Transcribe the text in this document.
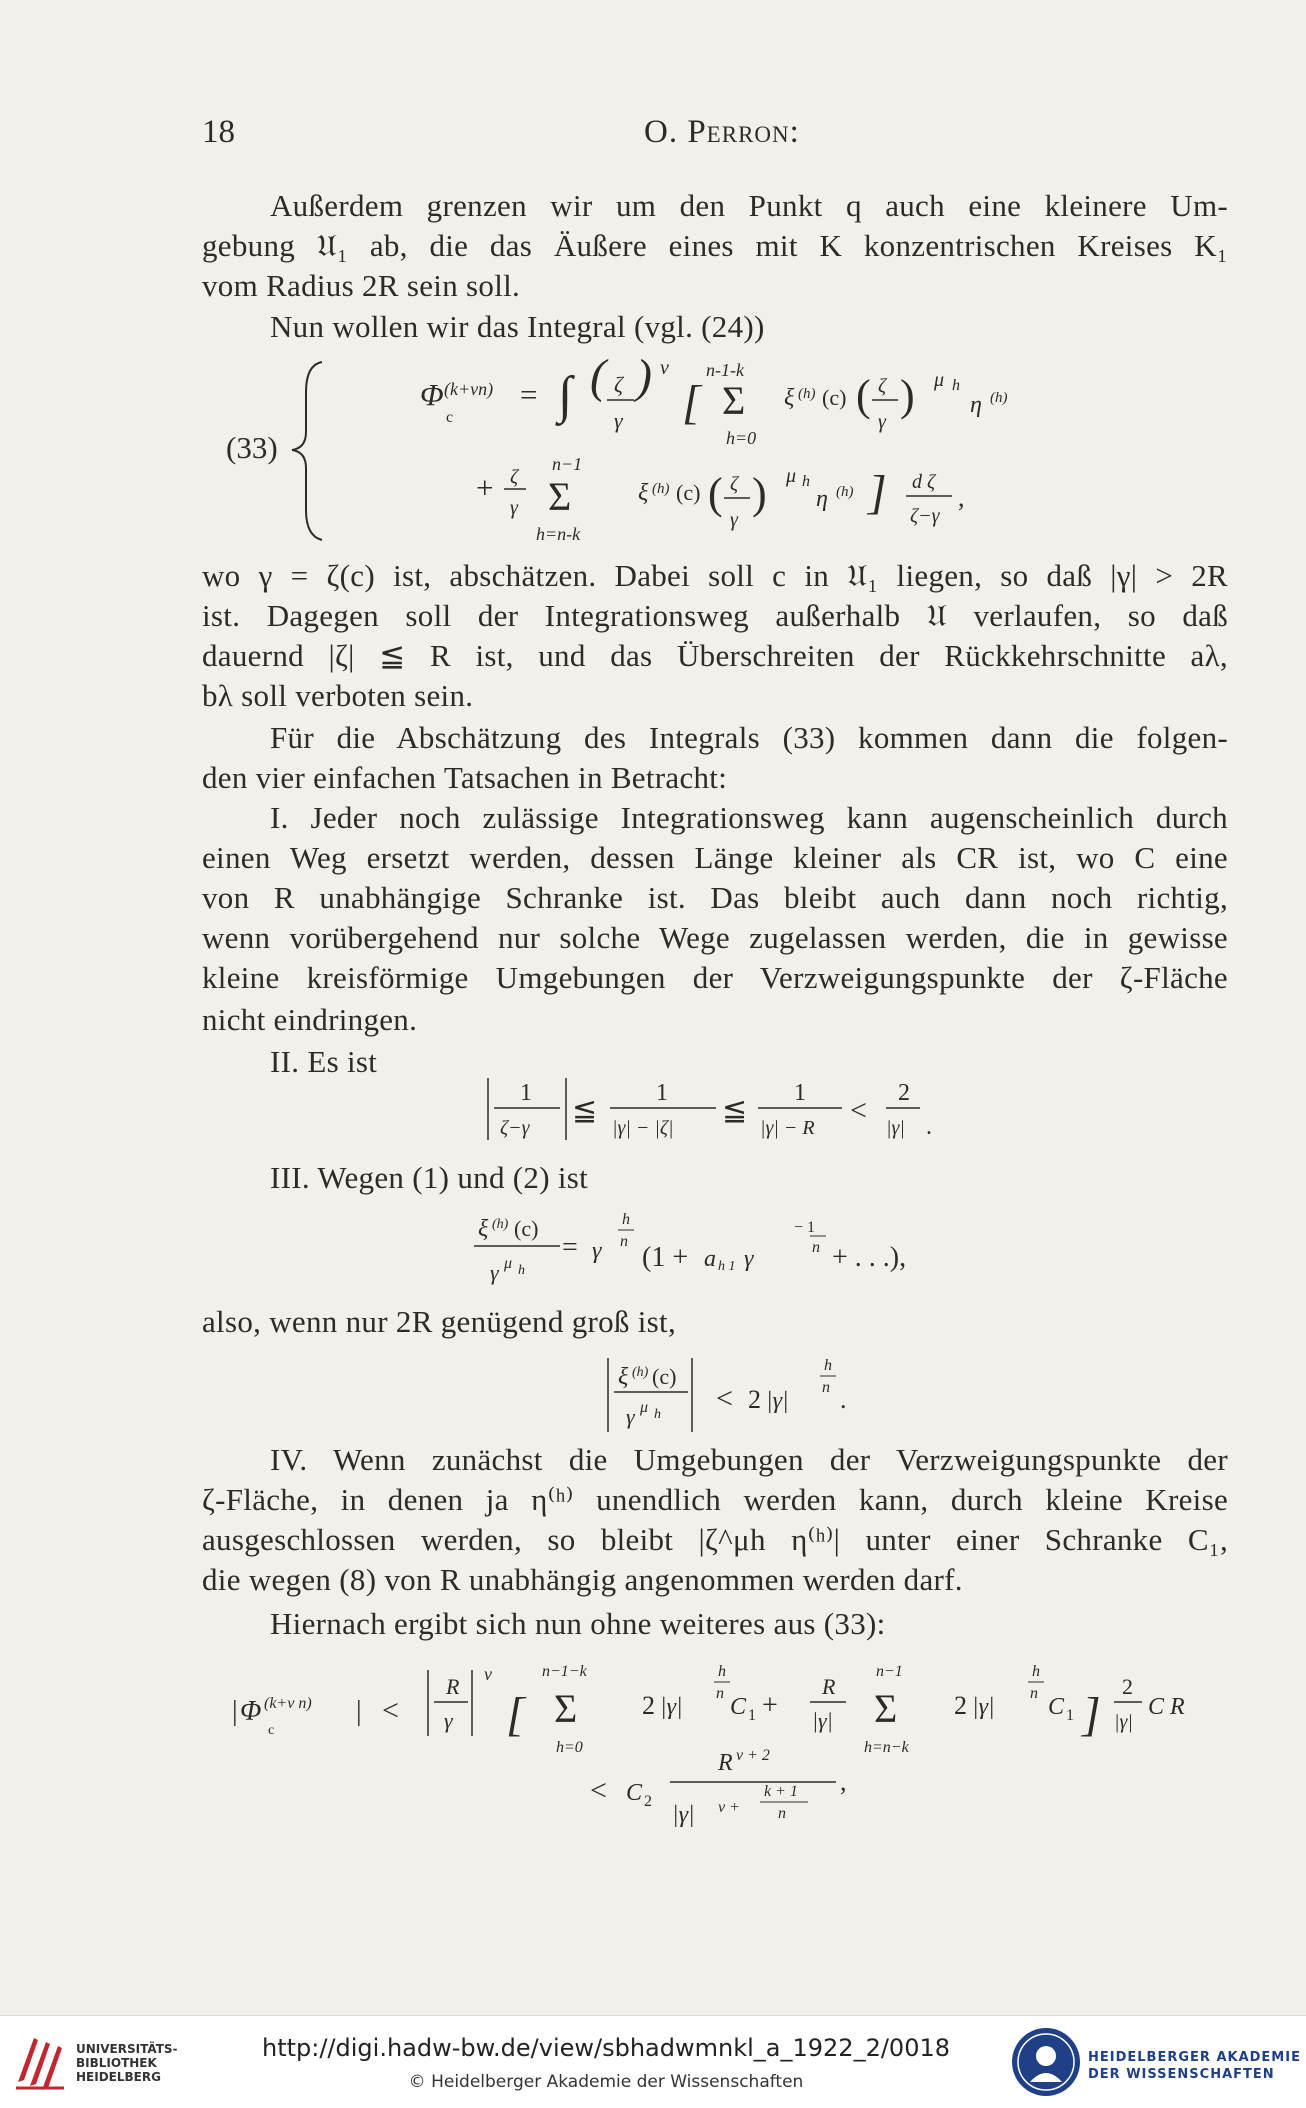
18	O. Perron:
Außerdem grenzen wir um den Punkt q auch eine kleinere Um-
gebung 𝔘₁ ab, die das Äußere eines mit K konzentrischen Kreises K₁
vom Radius 2R sein soll.
Nun wollen wir das Integral (vgl. (24))
(33)
Φ (k+νn)
c
= ∫ ( ζ
γ
) ν
[
n-1-k
Σ
h=0
ξ (h) (c) ( ζ
γ
) μ h
η (h)
+ ζ
γ
n−1
Σ
h=n-k
ξ (h) (c) ( ζ
γ
) μ h
η (h) ] d ζ
ζ−γ
,
1
ζ−γ
≦
1
|γ| − |ζ|
≦
1
|γ| − R
<
2
|γ| .
ξ (h) (c)
γ μ h
= γ
h
n
(1 + a h 1 γ
− 1
n + . . .),
ξ (h) (c)
γ μ h < 2 |γ|
h
n .
| Φ (k+ν n)
c
| <
R
γ
ν
[
n−1−k
Σ
h=0
2 |γ|
h
n
C 1 +
R
|γ|
n−1
Σ
h=n−k
2 |γ|
h
n
C 1 ]
2
|γ|
C R
< C 2
R ν + 2
|γ| ν +
k + 1
n
,
wo γ = ζ(c) ist, abschätzen. Dabei soll c in 𝔘₁ liegen, so daß |γ| > 2R
ist. Dagegen soll der Integrationsweg außerhalb 𝔘 verlaufen, so daß
dauernd |ζ| ≦ R ist, und das Überschreiten der Rückkehrschnitte aλ,
bλ soll verboten sein.
Für die Abschätzung des Integrals (33) kommen dann die folgen-
den vier einfachen Tatsachen in Betracht:
I. Jeder noch zulässige Integrationsweg kann augenscheinlich durch
einen Weg ersetzt werden, dessen Länge kleiner als CR ist, wo C eine
von R unabhängige Schranke ist. Das bleibt auch dann noch richtig,
wenn vorübergehend nur solche Wege zugelassen werden, die in gewisse
kleine kreisförmige Umgebungen der Verzweigungspunkte der ζ-Fläche
nicht eindringen.
II. Es ist
III. Wegen (1) und (2) ist
also, wenn nur 2R genügend groß ist,
IV. Wenn zunächst die Umgebungen der Verzweigungspunkte der
ζ-Fläche, in denen ja η⁽ʰ⁾ unendlich werden kann, durch kleine Kreise
ausgeschlossen werden, so bleibt |ζ^μh η⁽ʰ⁾| unter einer Schranke C₁,
die wegen (8) von R unabhängig angenommen werden darf.
Hiernach ergibt sich nun ohne weiteres aus (33):
UNIVERSITÄTS-
BIBLIOTHEK
HEIDELBERG
http://digi.hadw-bw.de/view/sbhadwmnkl_a_1922_2/0018
© Heidelberger Akademie der Wissenschaften
HEIDELBERGER AKADEMIE
DER WISSENSCHAFTEN
